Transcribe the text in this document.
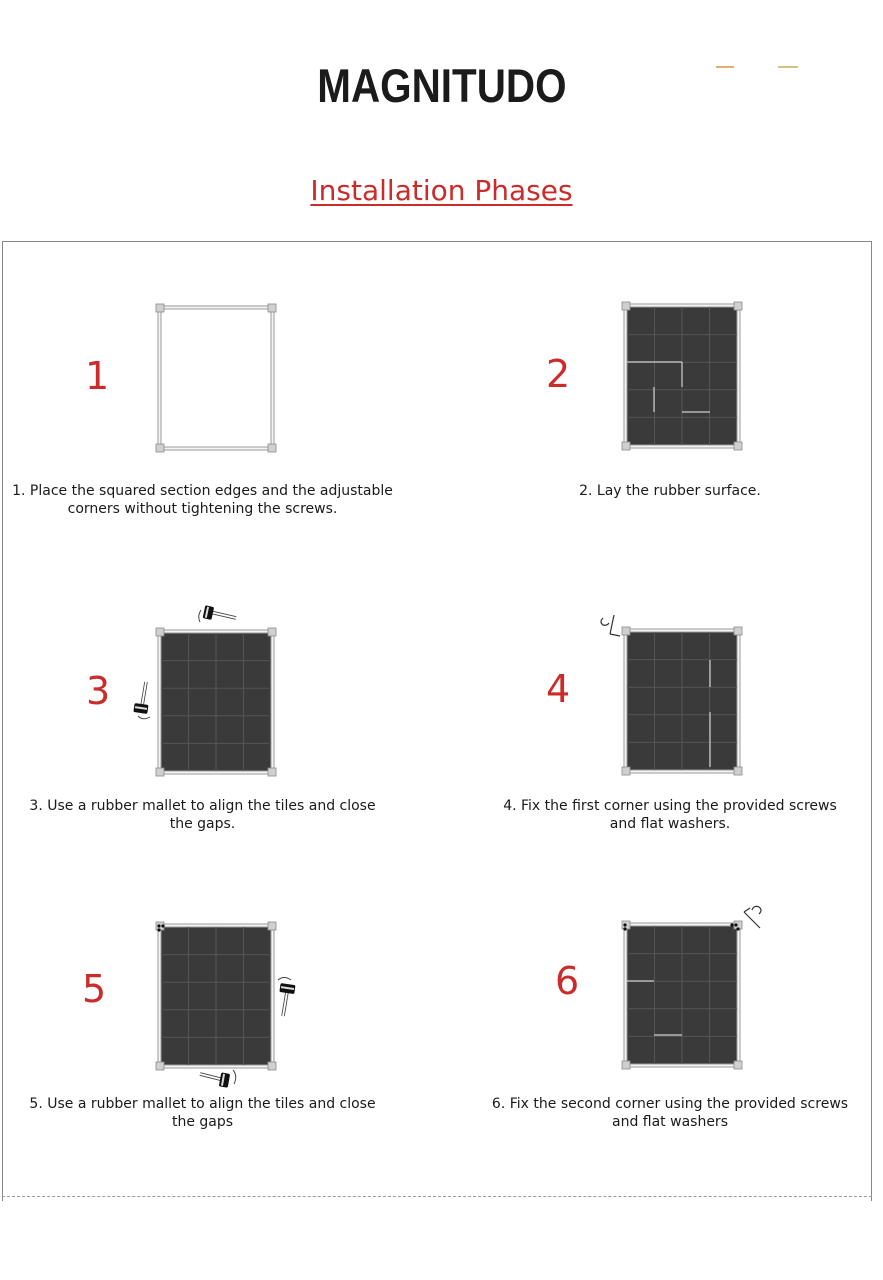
MAGNITUDO
Installation Phases
1	2
3	4
5	6
1. Place the squared section edges and the adjustable
corners without tightening the screws.
2. Lay the rubber surface.
3. Use a rubber mallet to align the tiles and close
the gaps.
4. Fix the first corner using the provided screws
and flat washers.
5. Use a rubber mallet to align the tiles and close
the gaps
6. Fix the second corner using the provided screws
and flat washers
